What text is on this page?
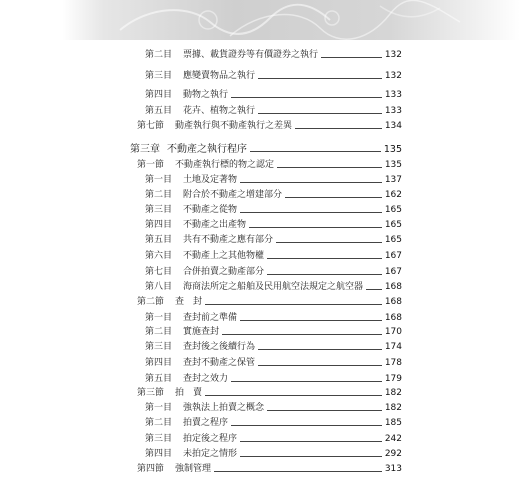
第二目 票據、載貨證券等有價證券之執行	132
第三目 應變賣物品之執行	132
第四目 動物之執行	133
第五目 花卉、植物之執行	133
第七節 動產執行與不動產執行之差異	134
第三章 不動產之執行程序	135
第一節 不動產執行標的物之認定	135
第一目 土地及定著物	137
第二目 附合於不動產之增建部分	162
第三目 不動產之從物	165
第四目 不動產之出產物	165
第五目 共有不動產之應有部分	165
第六目 不動產上之其他物權	167
第七目 合併拍賣之動產部分	167
第八目 海商法所定之船舶及民用航空法規定之航空器 168
第二節 查　封	168
第一目 查封前之準備	168
第二目 實施查封	170
第三目 查封後之後續行為	174
第四目 查封不動產之保管	178
第五目 查封之效力	179
第三節 拍　賣	182
第一目 強執法上拍賣之概念	182
第二目 拍賣之程序	185
第三目 拍定後之程序	242
第四目 未拍定之情形	292
第四節 強制管理	313
